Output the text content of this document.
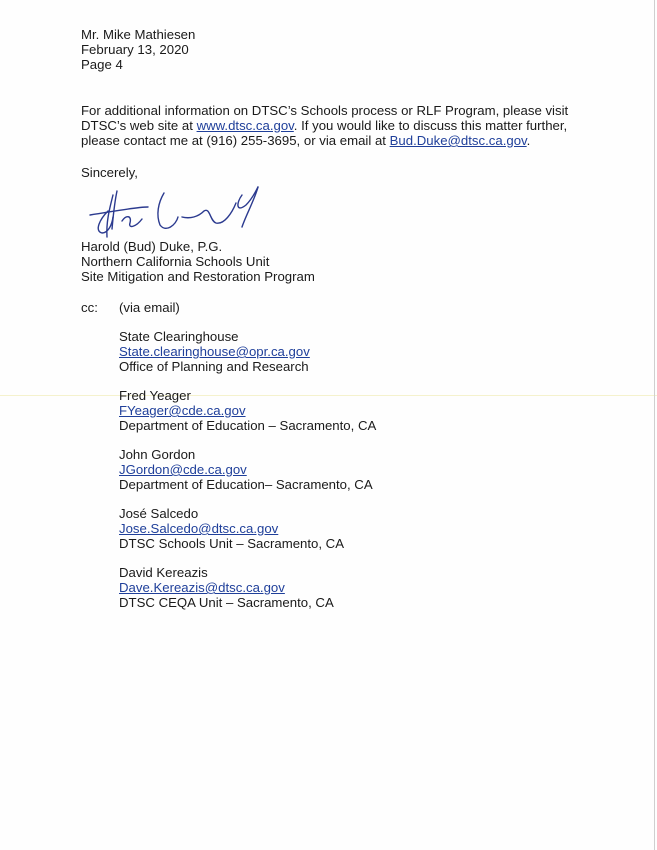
Mr. Mike Mathiesen
February 13, 2020
Page 4
For additional information on DTSC’s Schools process or RLF Program, please visit
DTSC’s web site at www.dtsc.ca.gov. If you would like to discuss this matter further,
please contact me at (916) 255-3695, or via email at Bud.Duke@dtsc.ca.gov.
Sincerely,
Harold (Bud) Duke, P.G.
Northern California Schools Unit
Site Mitigation and Restoration Program
cc: (via email)
State Clearinghouse
State.clearinghouse@opr.ca.gov
Office of Planning and Research
Fred Yeager
FYeager@cde.ca.gov
Department of Education – Sacramento, CA
John Gordon
JGordon@cde.ca.gov
Department of Education– Sacramento, CA
José Salcedo
Jose.Salcedo@dtsc.ca.gov
DTSC Schools Unit – Sacramento, CA
David Kereazis
Dave.Kereazis@dtsc.ca.gov
DTSC CEQA Unit – Sacramento, CA
